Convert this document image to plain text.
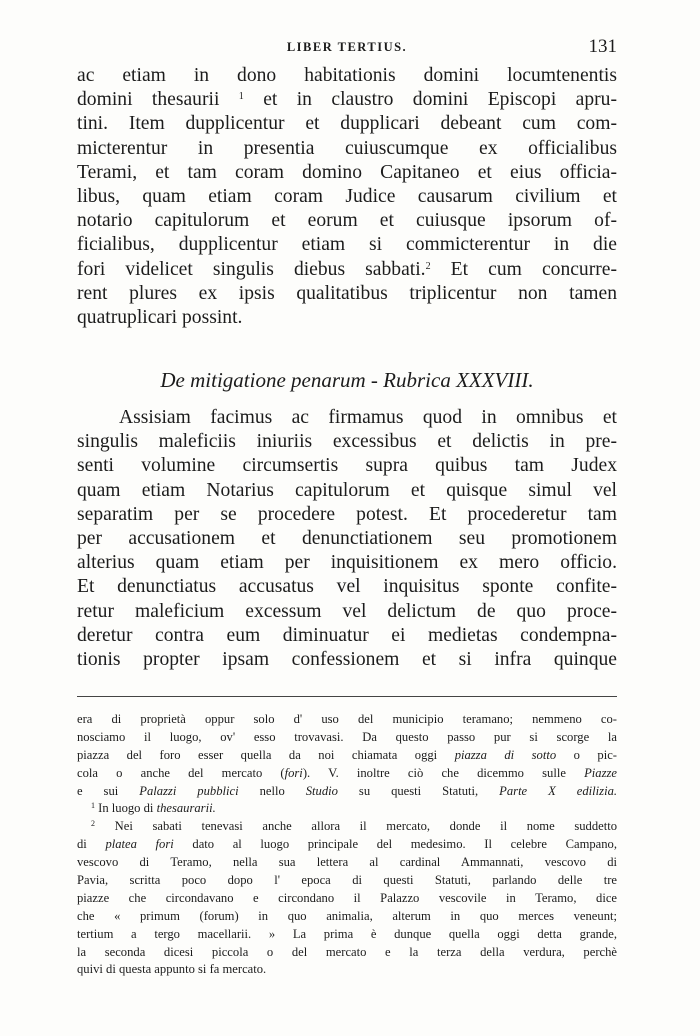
LIBER TERTIUS.	131
ac etiam in dono habitationis domini locumtenentis
domini thesaurii $^1$ et in claustro domini Episcopi apru-
tini. Item dupplicentur et dupplicari debeant cum com-
micterentur in presentia cuiuscumque ex officialibus
Terami, et tam coram domino Capitaneo et eius officia-
libus, quam etiam coram Judice causarum civilium et
notario capitulorum et eorum et cuiusque ipsorum of-
ficialibus, dupplicentur etiam si commicterentur in die
fori videlicet singulis diebus sabbati.$^2$ Et cum concurre-
rent plures ex ipsis qualitatibus triplicentur non tamen
quatruplicari possint.
De mitigatione penarum - Rubrica XXXVIII.
Assisiam facimus ac firmamus quod in omnibus et
singulis maleficiis iniuriis excessibus et delictis in pre-
senti volumine circumsertis supra quibus tam Judex
quam etiam Notarius capitulorum et quisque simul vel
separatim per se procedere potest. Et procederetur tam
per accusationem et denunctiationem seu promotionem
alterius quam etiam per inquisitionem ex mero officio.
Et denunctiatus accusatus vel inquisitus sponte confite-
retur maleficium excessum vel delictum de quo proce-
deretur contra eum diminuatur ei medietas condempna-
tionis propter ipsam confessionem et si infra quinque
era di proprietà oppur solo d' uso del municipio teramano; nemmeno co-
nosciamo il luogo, ov' esso trovavasi. Da questo passo pur si scorge la
piazza del foro esser quella da noi chiamata oggi piazza di sotto o pic-
cola o anche del mercato (fori). V. inoltre ciò che dicemmo sulle Piazze
e sui Palazzi pubblici nello Studio su questi Statuti, Parte X edilizia.
$^1$ In luogo di thesaurarii.
$^2$ Nei sabati tenevasi anche allora il mercato, donde il nome suddetto
di platea fori dato al luogo principale del medesimo. Il celebre Campano,
vescovo di Teramo, nella sua lettera al cardinal Ammannati, vescovo di
Pavia, scritta poco dopo l' epoca di questi Statuti, parlando delle tre
piazze che circondavano e circondano il Palazzo vescovile in Teramo, dice
che « primum (forum) in quo animalia, alterum in quo merces veneunt;
tertium a tergo macellarii. » La prima è dunque quella oggi detta grande,
la seconda dicesi piccola o del mercato e la terza della verdura, perchè
quivi di questa appunto si fa mercato.
